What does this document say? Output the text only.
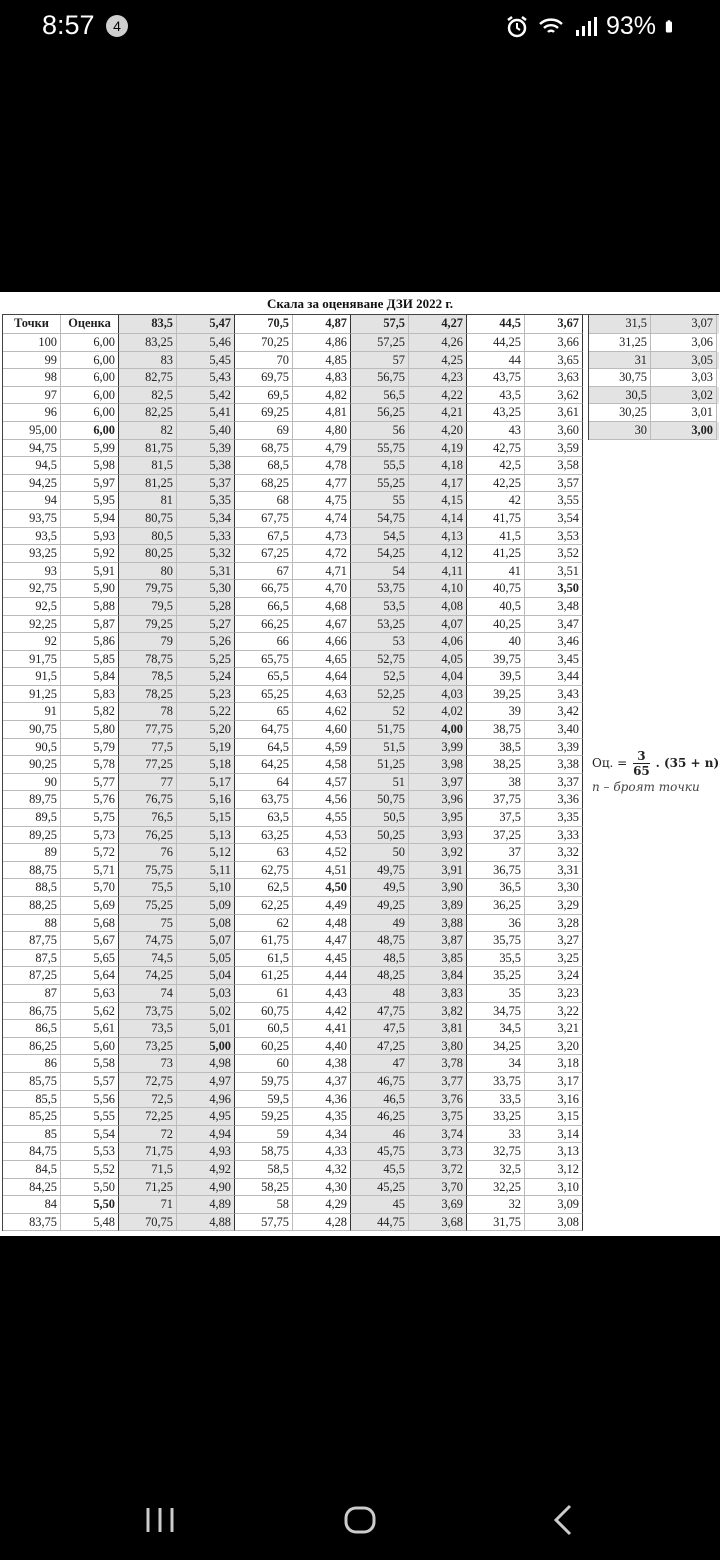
8:57	4	93%
Скала за оценяване ДЗИ 2022 г.
Точки	Оценка	83,5	5,47	70,5	4,87	57,5	4,27	44,5	3,67
100	6,00	83,25	5,46	70,25	4,86	57,25	4,26	44,25	3,66
99	6,00	83	5,45	70	4,85	57	4,25	44	3,65
98	6,00	82,75	5,43	69,75	4,83	56,75	4,23	43,75	3,63
97	6,00	82,5	5,42	69,5	4,82	56,5	4,22	43,5	3,62
96	6,00	82,25	5,41	69,25	4,81	56,25	4,21	43,25	3,61
95,00	6,00	82	5,40	69	4,80	56	4,20	43	3,60
94,75	5,99	81,75	5,39	68,75	4,79	55,75	4,19	42,75	3,59
94,5	5,98	81,5	5,38	68,5	4,78	55,5	4,18	42,5	3,58
94,25	5,97	81,25	5,37	68,25	4,77	55,25	4,17	42,25	3,57
94	5,95	81	5,35	68	4,75	55	4,15	42	3,55
93,75	5,94	80,75	5,34	67,75	4,74	54,75	4,14	41,75	3,54
93,5	5,93	80,5	5,33	67,5	4,73	54,5	4,13	41,5	3,53
93,25	5,92	80,25	5,32	67,25	4,72	54,25	4,12	41,25	3,52
93	5,91	80	5,31	67	4,71	54	4,11	41	3,51
92,75	5,90	79,75	5,30	66,75	4,70	53,75	4,10	40,75	3,50
92,5	5,88	79,5	5,28	66,5	4,68	53,5	4,08	40,5	3,48
92,25	5,87	79,25	5,27	66,25	4,67	53,25	4,07	40,25	3,47
92	5,86	79	5,26	66	4,66	53	4,06	40	3,46
91,75	5,85	78,75	5,25	65,75	4,65	52,75	4,05	39,75	3,45
91,5	5,84	78,5	5,24	65,5	4,64	52,5	4,04	39,5	3,44
91,25	5,83	78,25	5,23	65,25	4,63	52,25	4,03	39,25	3,43
91	5,82	78	5,22	65	4,62	52	4,02	39	3,42
90,75	5,80	77,75	5,20	64,75	4,60	51,75	4,00	38,75	3,40
90,5	5,79	77,5	5,19	64,5	4,59	51,5	3,99	38,5	3,39
90,25	5,78	77,25	5,18	64,25	4,58	51,25	3,98	38,25	3,38
90	5,77	77	5,17	64	4,57	51	3,97	38	3,37
89,75	5,76	76,75	5,16	63,75	4,56	50,75	3,96	37,75	3,36
89,5	5,75	76,5	5,15	63,5	4,55	50,5	3,95	37,5	3,35
89,25	5,73	76,25	5,13	63,25	4,53	50,25	3,93	37,25	3,33
89	5,72	76	5,12	63	4,52	50	3,92	37	3,32
88,75	5,71	75,75	5,11	62,75	4,51	49,75	3,91	36,75	3,31
88,5	5,70	75,5	5,10	62,5	4,50	49,5	3,90	36,5	3,30
88,25	5,69	75,25	5,09	62,25	4,49	49,25	3,89	36,25	3,29
88	5,68	75	5,08	62	4,48	49	3,88	36	3,28
87,75	5,67	74,75	5,07	61,75	4,47	48,75	3,87	35,75	3,27
87,5	5,65	74,5	5,05	61,5	4,45	48,5	3,85	35,5	3,25
87,25	5,64	74,25	5,04	61,25	4,44	48,25	3,84	35,25	3,24
87	5,63	74	5,03	61	4,43	48	3,83	35	3,23
86,75	5,62	73,75	5,02	60,75	4,42	47,75	3,82	34,75	3,22
86,5	5,61	73,5	5,01	60,5	4,41	47,5	3,81	34,5	3,21
86,25	5,60	73,25	5,00	60,25	4,40	47,25	3,80	34,25	3,20
86	5,58	73	4,98	60	4,38	47	3,78	34	3,18
85,75	5,57	72,75	4,97	59,75	4,37	46,75	3,77	33,75	3,17
85,5	5,56	72,5	4,96	59,5	4,36	46,5	3,76	33,5	3,16
85,25	5,55	72,25	4,95	59,25	4,35	46,25	3,75	33,25	3,15
85	5,54	72	4,94	59	4,34	46	3,74	33	3,14
84,75	5,53	71,75	4,93	58,75	4,33	45,75	3,73	32,75	3,13
84,5	5,52	71,5	4,92	58,5	4,32	45,5	3,72	32,5	3,12
84,25	5,50	71,25	4,90	58,25	4,30	45,25	3,70	32,25	3,10
84	5,50	71	4,89	58	4,29	45	3,69	32	3,09
83,75	5,48	70,75	4,88	57,75	4,28	44,75	3,68	31,75	3,08
31,5	3,07
31,25	3,06
31	3,05
30,75	3,03
30,5	3,02
30,25	3,01
30	3,00
Оц. = $\frac{3}{65}$ . (35 + n)
n – броят точки
